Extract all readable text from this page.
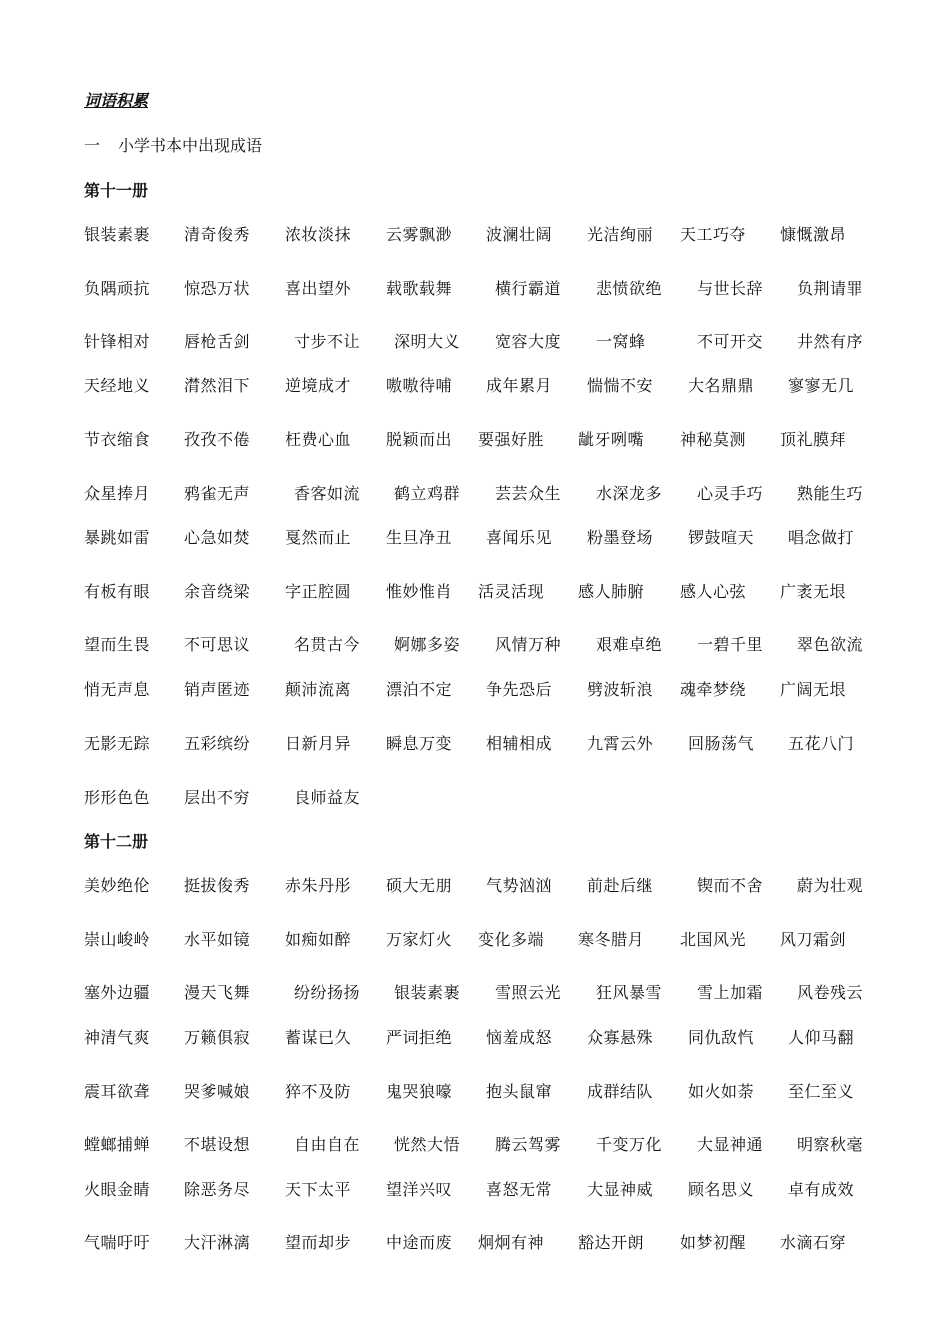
词语积累
一 小学书本中出现成语
第十一册
银装素裹 清奇俊秀 浓妆淡抹 云雾飘渺 波澜壮阔 光洁绚丽 天工巧夺 慷慨激昂
负隅顽抗 惊恐万状 喜出望外 载歌载舞	横行霸道 悲愤欲绝 与世长辞 负荆请罪
针锋相对 唇枪舌剑	寸步不让 深明大义 宽容大度 一窝蜂	不可开交 井然有序
天经地义 潸然泪下 逆境成才 嗷嗷待哺 成年累月 惴惴不安 大名鼎鼎 寥寥无几
节衣缩食 孜孜不倦 枉费心血 脱颖而出 要强好胜 龇牙咧嘴 神秘莫测 顶礼膜拜
众星捧月 鸦雀无声	香客如流 鹤立鸡群 芸芸众生 水深龙多 心灵手巧 熟能生巧
暴跳如雷 心急如焚 戛然而止 生旦净丑 喜闻乐见 粉墨登场 锣鼓喧天 唱念做打
有板有眼 余音绕梁 字正腔圆 惟妙惟肖 活灵活现 感人肺腑 感人心弦 广袤无垠
望而生畏 不可思议	名贯古今 婀娜多姿 风情万种 艰难卓绝 一碧千里 翠色欲流
悄无声息 销声匿迹 颠沛流离 漂泊不定 争先恐后 劈波斩浪 魂牵梦绕 广阔无垠
无影无踪 五彩缤纷 日新月异 瞬息万变 相辅相成 九霄云外 回肠荡气 五花八门
形形色色 层出不穷	良师益友
第十二册
美妙绝伦 挺拔俊秀 赤朱丹彤 硕大无朋 气势汹汹 前赴后继	锲而不舍 蔚为壮观
崇山峻岭 水平如镜 如痴如醉 万家灯火 变化多端 寒冬腊月 北国风光 风刀霜剑
塞外边疆 漫天飞舞	纷纷扬扬 银装素裹 雪照云光 狂风暴雪 雪上加霜 风卷残云
神清气爽 万籁俱寂 蓄谋已久 严词拒绝 恼羞成怒 众寡悬殊 同仇敌忾 人仰马翻
震耳欲聋 哭爹喊娘 猝不及防 鬼哭狼嚎 抱头鼠窜 成群结队 如火如荼 至仁至义
螳螂捕蝉 不堪设想	自由自在 恍然大悟 腾云驾雾 千变万化 大显神通 明察秋毫
火眼金睛 除恶务尽 天下太平 望洋兴叹 喜怒无常 大显神威 顾名思义 卓有成效
气喘吁吁 大汗淋漓 望而却步 中途而废 炯炯有神 豁达开朗 如梦初醒 水滴石穿
